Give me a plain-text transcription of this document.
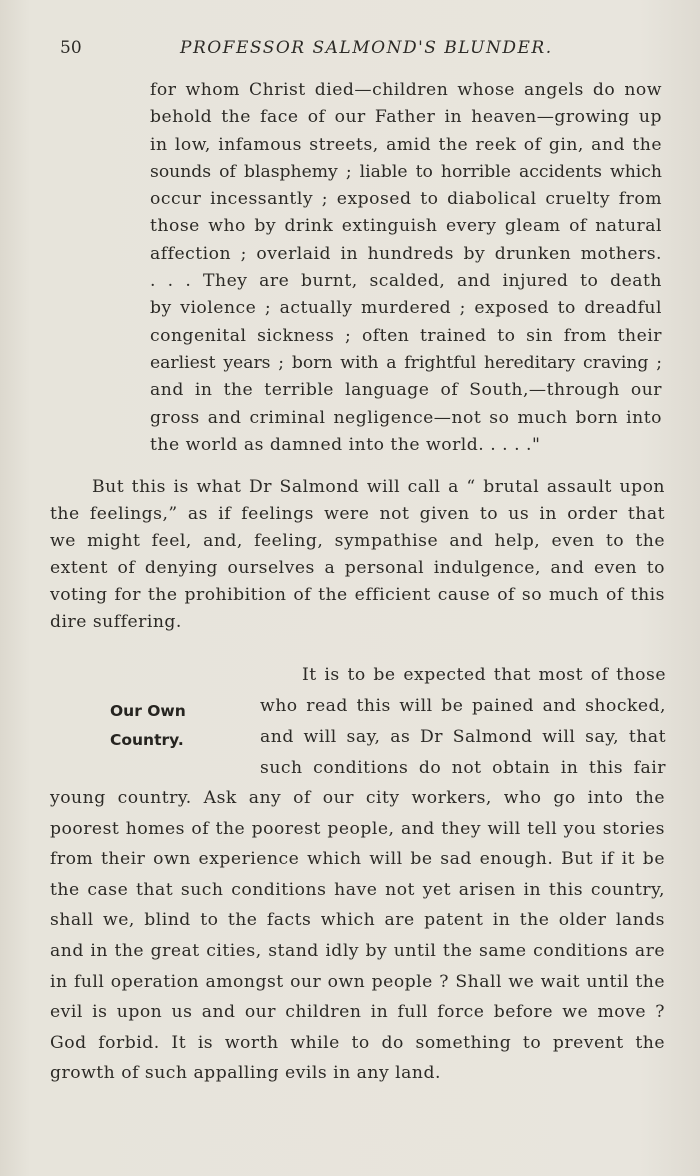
50	PROFESSOR SALMOND'S BLUNDER.
for whom Christ died—children whose angels do now
behold the face of our Father in heaven—growing up
in low, infamous streets, amid the reek of gin, and the
sounds of blasphemy ; liable to horrible accidents which
occur incessantly ; exposed to diabolical cruelty from
those who by drink extinguish every gleam of natural
affection ; overlaid in hundreds by drunken mothers.
. . . They are burnt, scalded, and injured to death
by violence ; actually murdered ; exposed to dreadful
congenital sickness ; often trained to sin from their
earliest years ; born with a frightful hereditary craving ;
and in the terrible language of South,—through our
gross and criminal negligence—not so much born into
the world as damned into the world. . . . ."
But this is what Dr Salmond will call a “ brutal assault upon
the feelings,” as if feelings were not given to us in order that
we might feel, and, feeling, sympathise and help, even to the
extent of denying ourselves a personal indulgence, and even to
voting for the prohibition of the efficient cause of so much of this
dire suffering.
Our Own
Country.
It is to be expected that most of those
who read this will be pained and shocked,
and will say, as Dr Salmond will say, that
such conditions do not obtain in this fair
young country. Ask any of our city workers, who go into the
poorest homes of the poorest people, and they will tell you stories
from their own experience which will be sad enough. But if it be
the case that such conditions have not yet arisen in this country,
shall we, blind to the facts which are patent in the older lands
and in the great cities, stand idly by until the same conditions are
in full operation amongst our own people ? Shall we wait until the
evil is upon us and our children in full force before we move ?
God forbid. It is worth while to do something to prevent the
growth of such appalling evils in any land.
